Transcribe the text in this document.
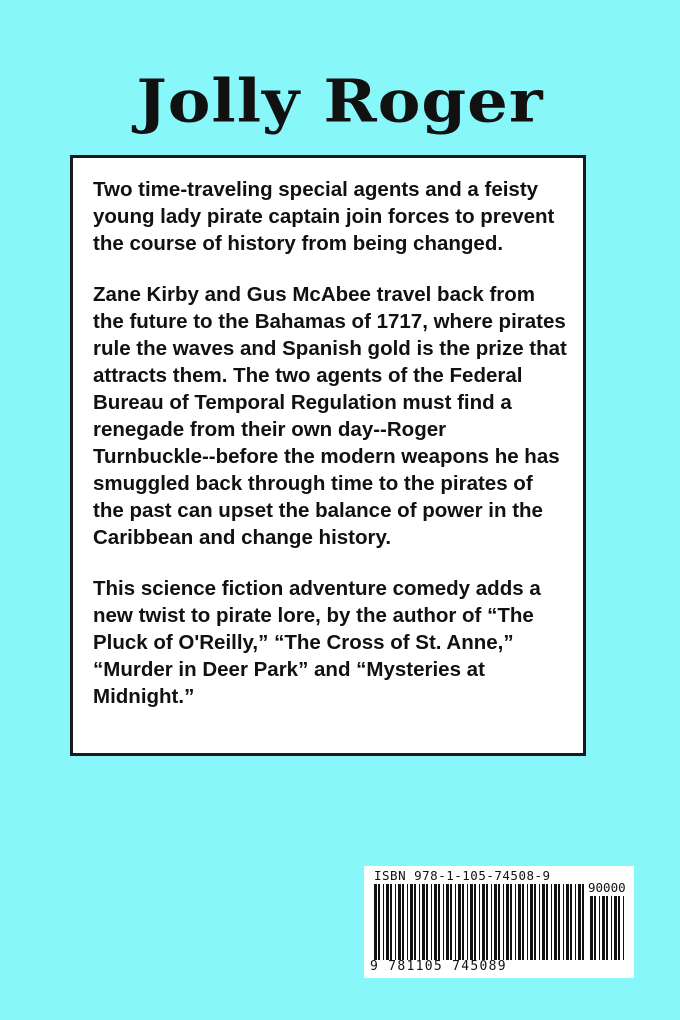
Jolly Roger

Two time-traveling special agents and a feisty young lady pirate captain join forces to prevent the course of history from being changed.

Zane Kirby and Gus McAbee travel back from the future to the Bahamas of 1717, where pirates rule the waves and Spanish gold is the prize that attracts them. The two agents of the Federal Bureau of Temporal Regulation must find a renegade from their own day--Roger Turnbuckle--before the modern weapons he has smuggled back through time to the pirates of the past can upset the balance of power in the Caribbean and change history.

This science fiction adventure comedy adds a new twist to pirate lore, by the author of “The Pluck of O'Reilly,” “The Cross of St. Anne,” “Murder in Deer Park” and “Mysteries at Midnight.”

ISBN 978-1-105-74508-9
90000
9 781105 745089
